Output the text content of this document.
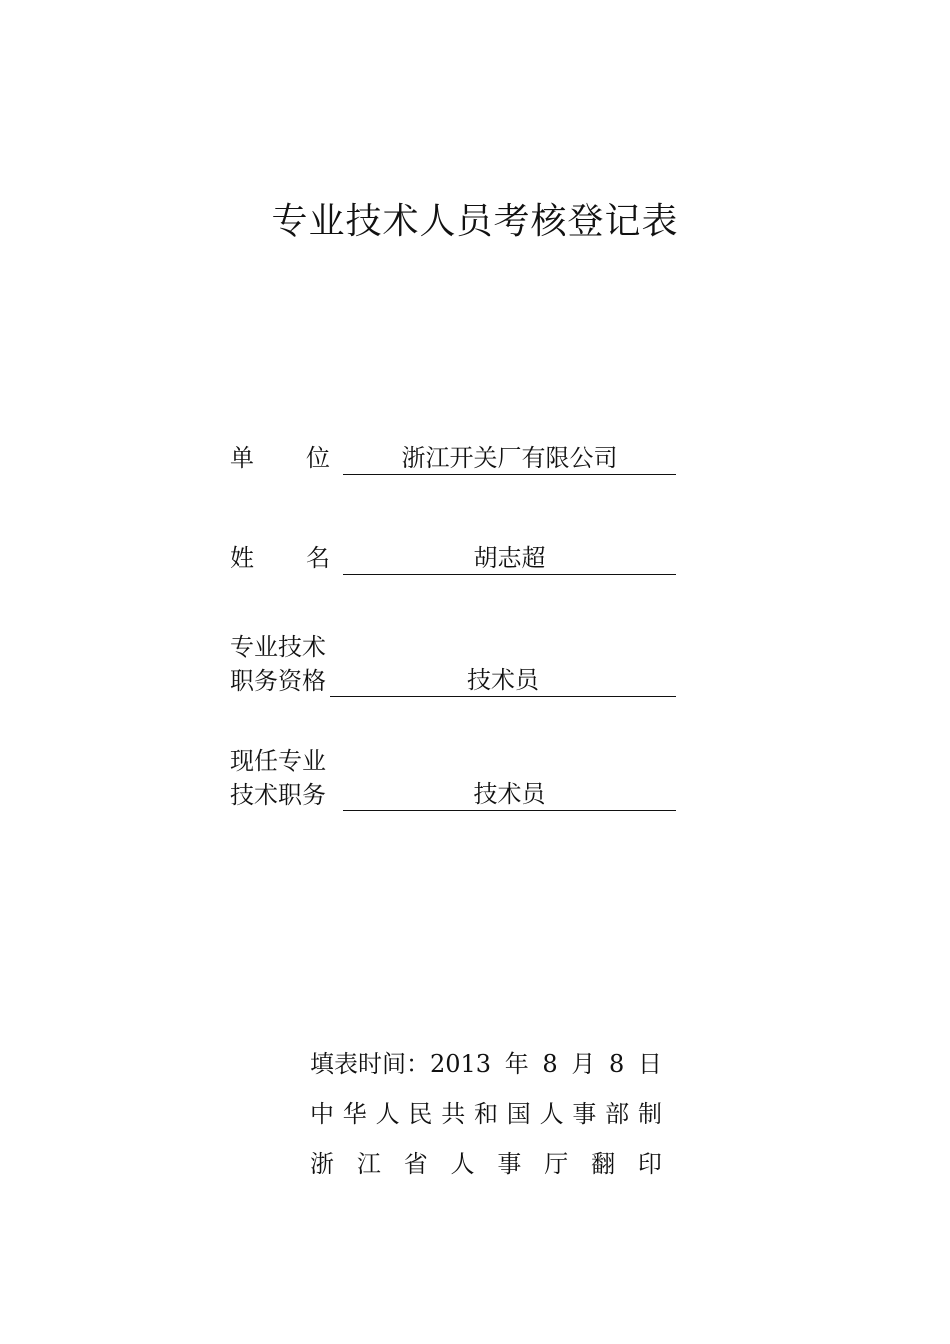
专业技术人员考核登记表
单 位	浙江开关厂有限公司
姓 名	胡志超
专业技术
职务资格	技术员
现任专业
技术职务	技术员
填表时间：2013 年 8 月 8 日
中 华 人 民 共 和 国 人 事 部 制
浙 江 省 人 事 厅 翻 印
